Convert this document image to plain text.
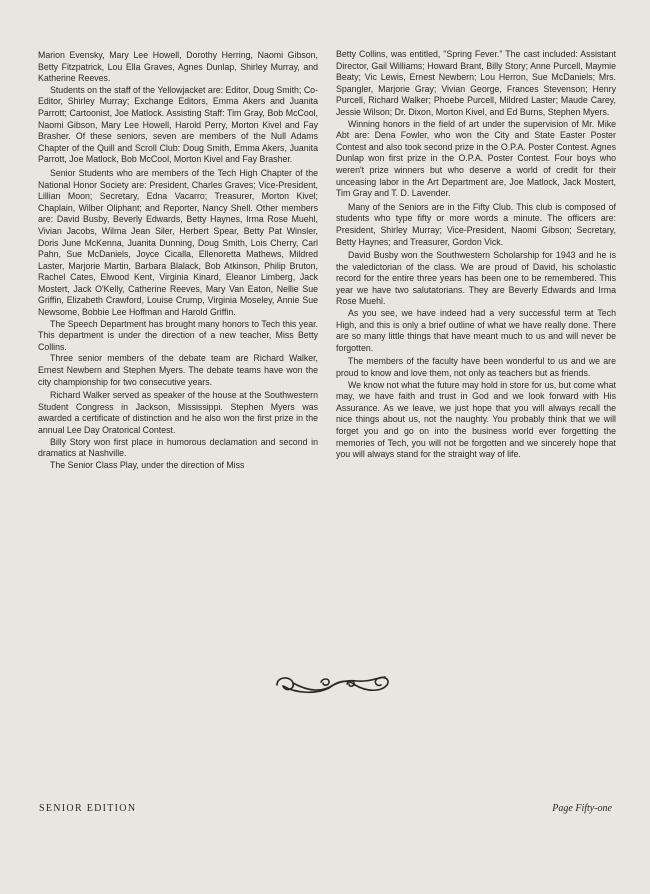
Marion Evensky, Mary Lee Howell, Dorothy Herring, Naomi Gibson, Betty Fitzpatrick, Lou Ella Graves, Agnes Dunlap, Shirley Murray, and Katherine Reeves.

Students on the staff of the Yellowjacket are: Editor, Doug Smith; Co-Editor, Shirley Murray; Exchange Editors, Emma Akers and Juanita Parrott; Cartoonist, Joe Matlock. Assisting Staff: Tim Gray, Bob McCool, Naomi Gibson, Mary Lee Howell, Harold Perry, Morton Kivel and Fay Brasher. Of these seniors, seven are members of the Null Adams Chapter of the Quill and Scroll Club: Doug Smith, Emma Akers, Juanita Parrott, Joe Matlock, Bob McCool, Morton Kivel and Fay Brasher.

Senior Students who are members of the Tech High Chapter of the National Honor Society are: President, Charles Graves; Vice-President, Lillian Moon; Secretary, Edna Vacarro; Treasurer, Morton Kivel; Chaplain, Wilber Oliphant; and Reporter, Nancy Shell. Other members are: David Busby, Beverly Edwards, Betty Haynes, Irma Rose Muehl, Vivian Jacobs, Wilma Jean Siler, Herbert Spear, Betty Pat Winsler, Doris June McKenna, Juanita Dunning, Doug Smith, Lois Cherry, Carl Pahn, Sue McDaniels, Joyce Cicalla, Ellenoretta Mathews, Mildred Laster, Marjorie Martin, Barbara Blalack, Bob Atkinson, Philip Bruton, Rachel Cates, Elwood Kent, Virginia Kinard, Eleanor Limberg, Jack Mostert, Jack O'Kelly, Catherine Reeves, Mary Van Eaton, Nellie Sue Griffin, Elizabeth Crawford, Louise Crump, Virginia Moseley, Annie Sue Newsome, Bobbie Lee Hoffman and Harold Griffin.

The Speech Department has brought many honors to Tech this year. This department is under the direction of a new teacher, Miss Betty Collins.

Three senior members of the debate team are Richard Walker, Ernest Newbern and Stephen Myers. The debate teams have won the city championship for two consecutive years.

Richard Walker served as speaker of the house at the Southwestern Student Congress in Jackson, Mississippi. Stephen Myers was awarded a certificate of distinction and he also won the first prize in the annual Lee Day Oratorical Contest.

Billy Story won first place in humorous declamation and second in dramatics at Nashville.

The Senior Class Play, under the direction of Miss

Betty Collins, was entitled, "Spring Fever." The cast included: Assistant Director, Gail Williams; Howard Brant, Billy Story; Anne Purcell, Maymie Beaty; Vic Lewis, Ernest Newbern; Lou Herron, Sue McDaniels; Mrs. Spangler, Marjorie Gray; Vivian George, Frances Stevenson; Henry Purcell, Richard Walker; Phoebe Purcell, Mildred Laster; Maude Carey, Jessie Wilson; Dr. Dixon, Morton Kivel, and Ed Burns, Stephen Myers.

Winning honors in the field of art under the supervision of Mr. Mike Abt are: Dena Fowler, who won the City and State Easter Poster Contest and also took second prize in the O.P.A. Poster Contest. Agnes Dunlap won first prize in the O.P.A. Poster Contest. Four boys who weren't prize winners but who deserve a world of credit for their unceasing labor in the Art Department are, Joe Matlock, Jack Mostert, Tim Gray and T. D. Lavender.

Many of the Seniors are in the Fifty Club. This club is composed of students who type fifty or more words a minute. The officers are: President, Shirley Murray; Vice-President, Naomi Gibson; Secretary, Betty Haynes; and Treasurer, Gordon Vick.

David Busby won the Southwestern Scholarship for 1943 and he is the valedictorian of the class. We are proud of David, his scholastic record for the entire three years has been one to be remembered. This year we have two salutatorians. They are Beverly Edwards and Irma Rose Muehl.

As you see, we have indeed had a very successful term at Tech High, and this is only a brief outline of what we have really done. There are so many little things that have meant much to us and will never be forgotten.

The members of the faculty have been wonderful to us and we are proud to know and love them, not only as teachers but as friends.

We know not what the future may hold in store for us, but come what may, we have faith and trust in God and we look forward with His Assurance. As we leave, we just hope that you will always recall the nice things about us, not the naughty. You probably think that we will forget you and go on into the business world ever forgetting the memories of Tech, you will not be forgotten and we sincerely hope that you will always stand for the straight way of life.

SENIOR EDITION	Page Fifty-one
